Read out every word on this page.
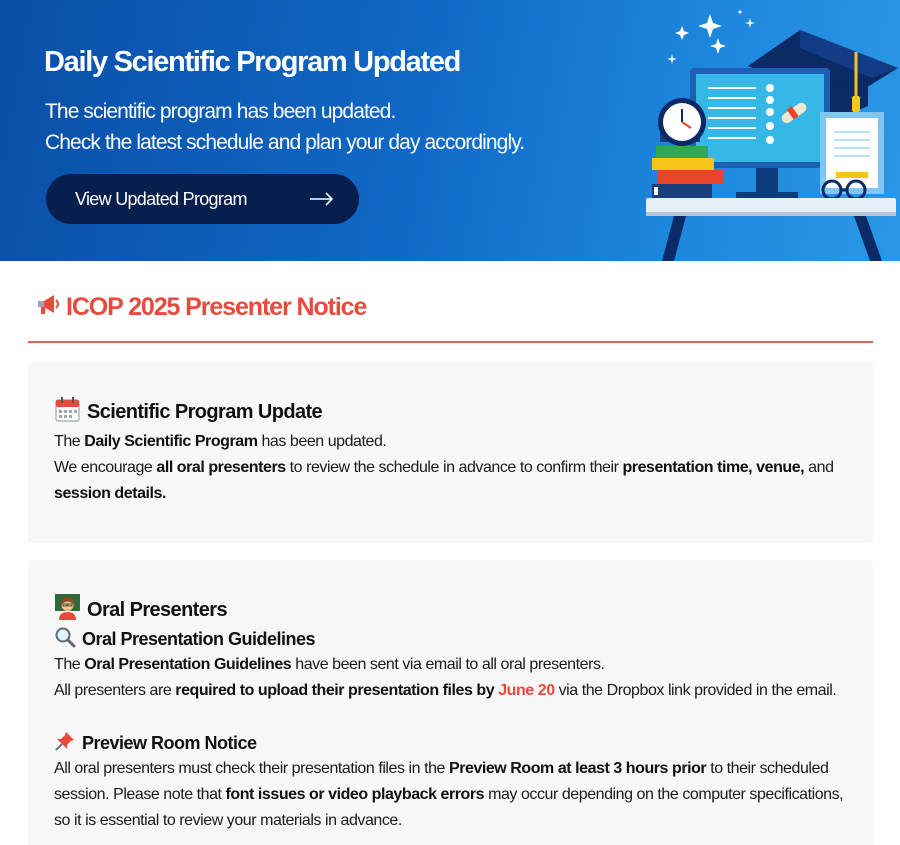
Daily Scientific Program Updated
The scientific program has been updated.
Check the latest schedule and plan your day accordingly.
View Updated Program
ICOP 2025 Presenter Notice
Scientific Program Update
The Daily Scientific Program has been updated.
We encourage all oral presenters to review the schedule in advance to confirm their presentation time, venue, and session details.
Oral Presenters
Oral Presentation Guidelines
The Oral Presentation Guidelines have been sent via email to all oral presenters.
All presenters are required to upload their presentation files by June 20 via the Dropbox link provided in the email.
Preview Room Notice
All oral presenters must check their presentation files in the Preview Room at least 3 hours prior to their scheduled session. Please note that font issues or video playback errors may occur depending on the computer specifications, so it is essential to review your materials in advance.
